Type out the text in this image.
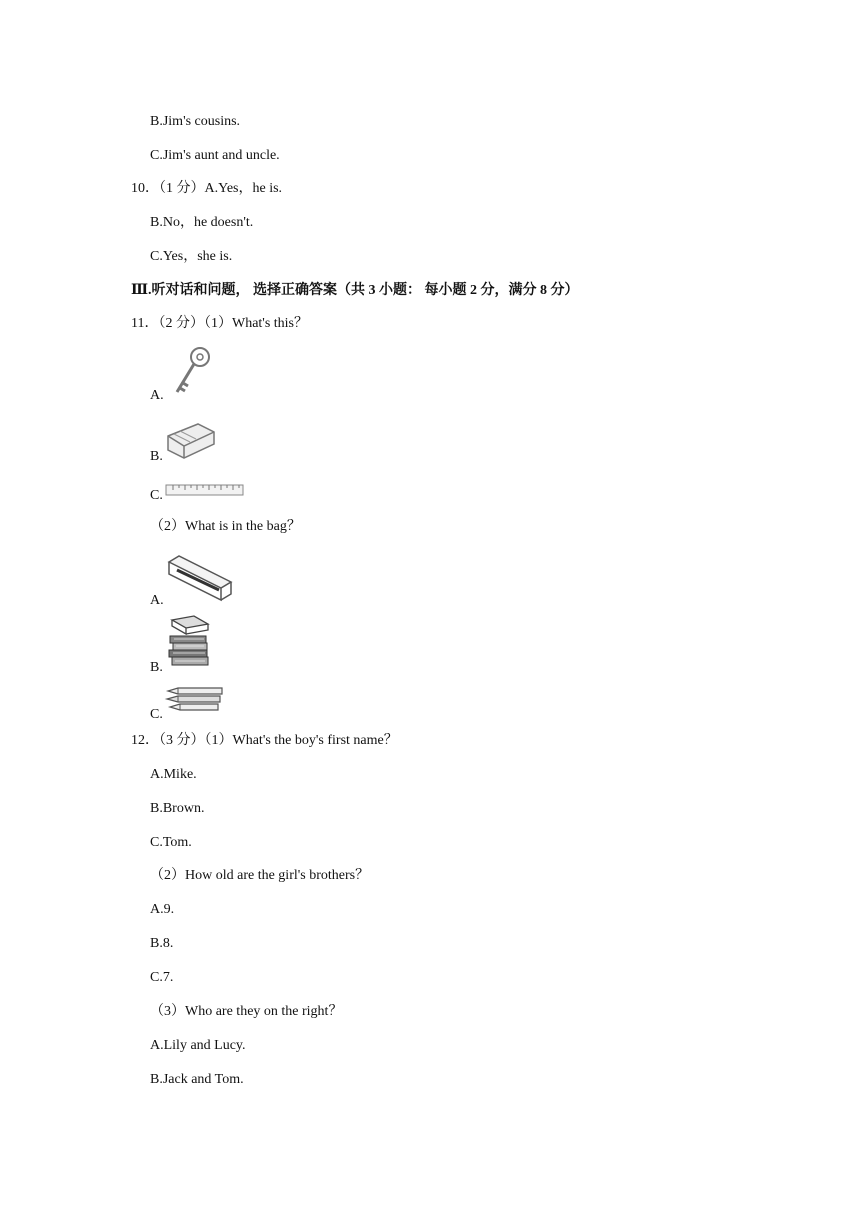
B.Jim's cousins.
C.Jim's aunt and uncle.
10．（1 分）A.Yes，he is.
B.No，he doesn't.
C.Yes，she is.
Ⅲ.听对话和问题， 选择正确答案（共 3 小题： 每小题 2 分，满分 8 分）
11．（2 分）（1）What's this？
A.
B.
C.
（2）What is in the bag？
A.
B.
C.
12．（3 分）（1）What's the boy's first name？
A.Mike.
B.Brown.
C.Tom.
（2）How old are the girl's brothers？
A.9.
B.8.
C.7.
（3）Who are they on the right？
A.Lily and Lucy.
B.Jack and Tom.
